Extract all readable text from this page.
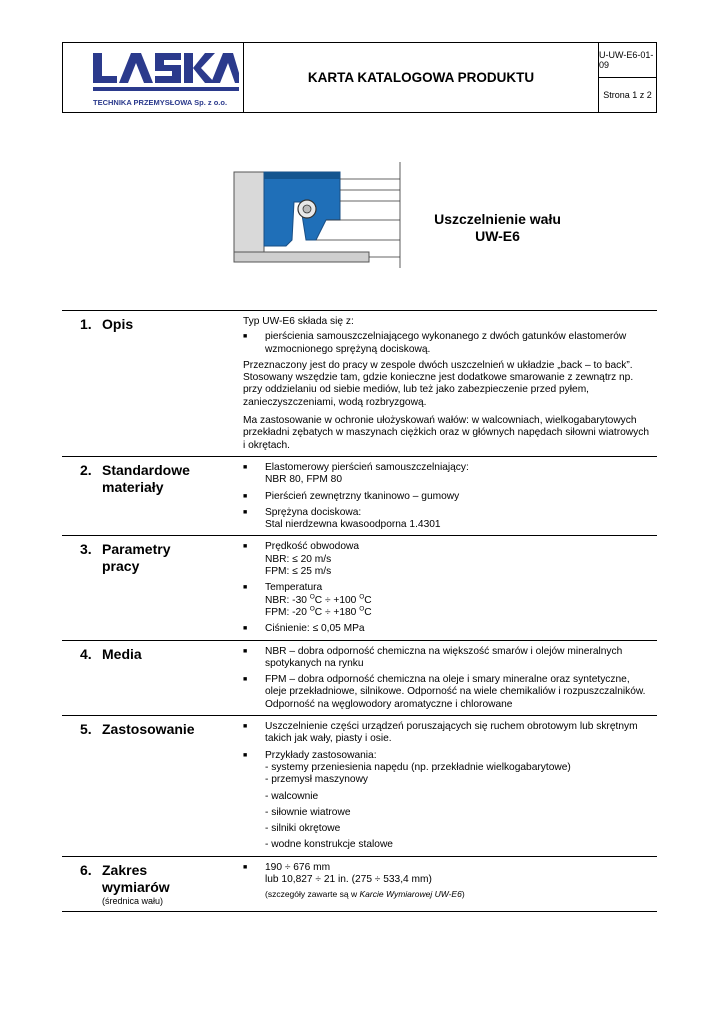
TECHNIKA PRZEMYSŁOWA Sp. z o.o.
KARTA KATALOGOWA PRODUKTU
U-UW-E6-01-09
Strona 1 z 2
Uszczelnienie wału
UW-E6
1. Opis	Typ UW-E6 składa się z:

■	pierścienia samouszczelniającego wykonanego z dwóch gatunków elastomerów wzmocnionego sprężyną dociskową.

Przeznaczony jest do pracy w zespole dwóch uszczelnień w układzie „back – to back”. Stosowany wszędzie tam, gdzie konieczne jest dodatkowe smarowanie z zewnątrz np. przy oddzielaniu od siebie mediów, lub też jako zabezpieczenie przed pyłem, zanieczyszczeniami, wodą rozbryzgową.

Ma zastosowanie w ochronie ułożyskowań wałów: w walcowniach, wielkogabarytowych przekładni zębatych w maszynach ciężkich oraz w głównych napędach siłowni wiatrowych i okrętach.

2. Standardowe
materiały
■	Elastomerowy pierścień samouszczelniający:
NBR 80, FPM 80
■	Pierścień zewnętrzny tkaninowo – gumowy
■	Sprężyna dociskowa:
Stal nierdzewna kwasoodporna 1.4301
3. Parametry
pracy
■	Prędkość obwodowa
NBR: ≤ 20 m/s
FPM: ≤ 25 m/s
■	Temperatura
NBR: -30 $^O$C ÷ +100 $^O$C
FPM: -20 $^O$C ÷ +180 $^O$C
■	Ciśnienie: ≤ 0,05 MPa
4. Media	■	NBR – dobra odporność chemiczna na większość smarów i olejów mineralnych spotykanych na rynku
■	FPM – dobra odporność chemiczna na oleje i smary mineralne oraz syntetyczne, oleje przekładniowe, silnikowe. Odporność na wiele chemikaliów i rozpuszczalników. Odporność na węglowodory aromatyczne i chlorowane
5. Zastosowanie	■	Uszczelnienie części urządzeń poruszających się ruchem obrotowym lub skrętnym takich jak wały, piasty i osie.
■	Przykłady zastosowania:
- systemy przeniesienia napędu (np. przekładnie wielkogabarytowe)
- przemysł maszynowy
- walcownie
- siłownie wiatrowe
- silniki okrętowe
- wodne konstrukcje stalowe
6. Zakres
wymiarów
(średnica wału)
■	190 ÷ 676 mm
lub 10,827 ÷ 21 in. (275 ÷ 533,4 mm)
(szczegóły zawarte są w Karcie Wymiarowej UW-E6)
